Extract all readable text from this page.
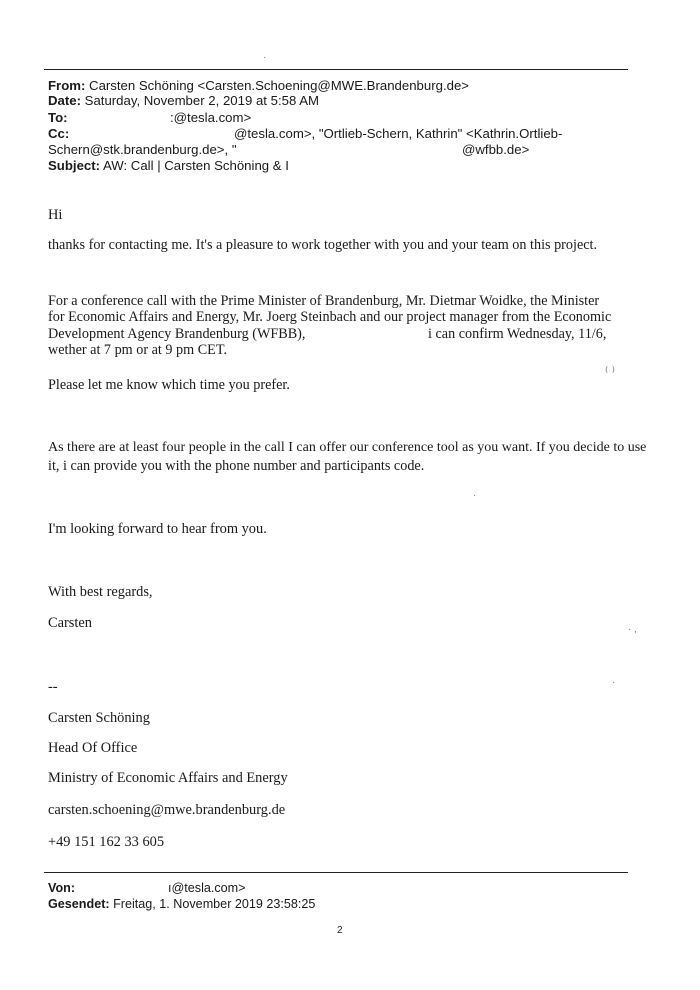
From: Carsten Schöning <Carsten.Schoening@MWE.Brandenburg.de>
Date: Saturday, November 2, 2019 at 5:58 AM
To:	:@tesla.com>
Cc:	@tesla.com>, "Ortlieb-Schern, Kathrin" <Kathrin.Ortlieb-
Schern@stk.brandenburg.de>, "	@wfbb.de>
Subject: AW: Call | Carsten Schöning & I
Hi
thanks for contacting me. It's a pleasure to work together with you and your team on this project.
For a conference call with the Prime Minister of Brandenburg, Mr. Dietmar Woidke, the Minister
for Economic Affairs and Energy, Mr. Joerg Steinbach and our project manager from the Economic
Development Agency Brandenburg (WFBB),	i can confirm Wednesday, 11/6,
wether at 7 pm or at 9 pm CET.
Please let me know which time you prefer.
As there are at least four people in the call I can offer our conference tool as you want. If you decide to use
it, i can provide you with the phone number and participants code.
I'm looking forward to hear from you.
With best regards,
Carsten
--
Carsten Schöning
Head Of Office
Ministry of Economic Affairs and Energy
carsten.schoening@mwe.brandenburg.de
+49 151 162 33 605
Von:	ı@tesla.com>
Gesendet: Freitag, 1. November 2019 23:58:25
2
·
⁽ ⁾
· ,
·
·
